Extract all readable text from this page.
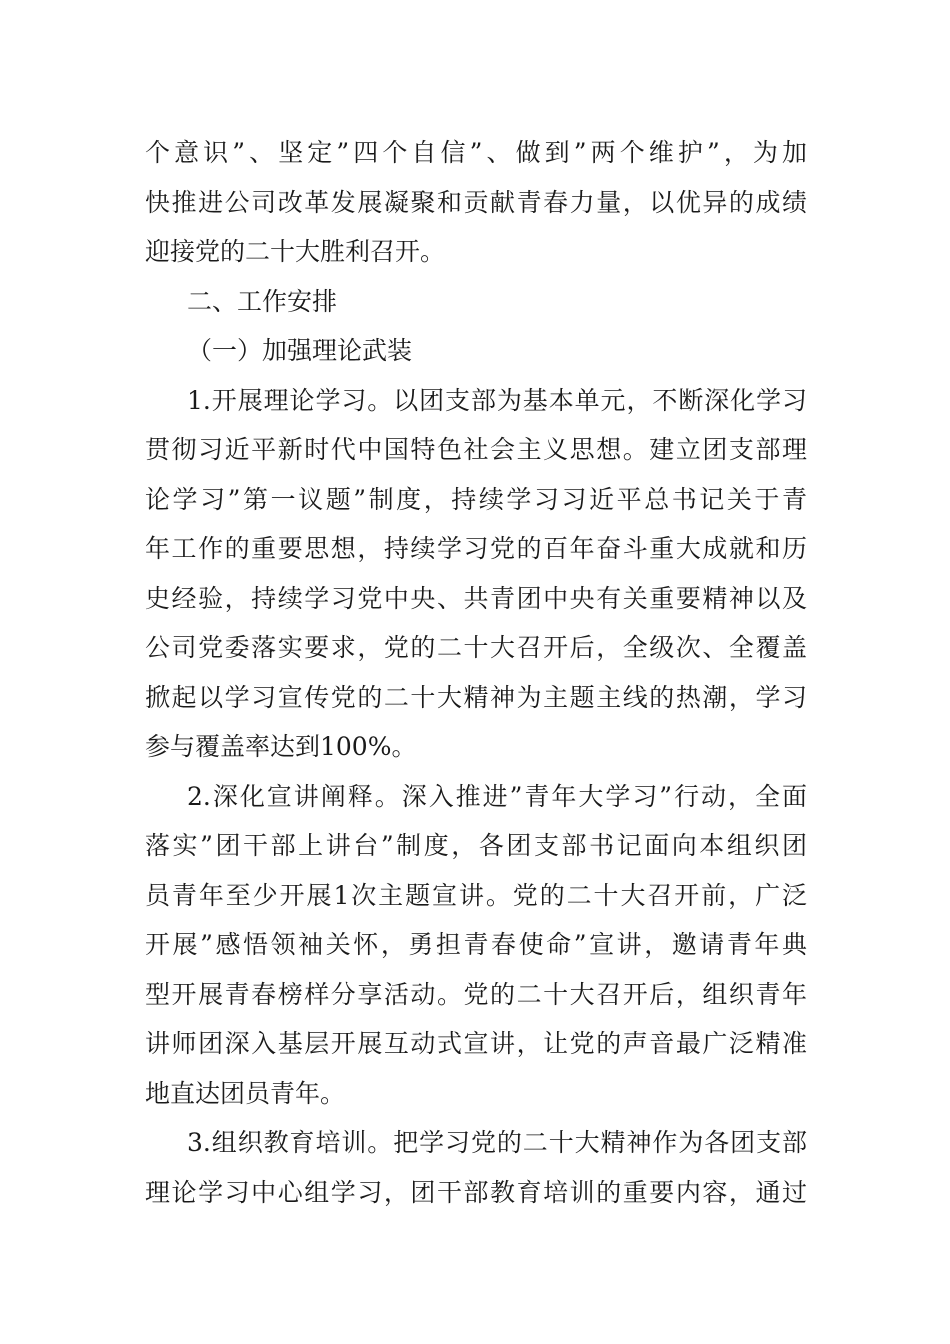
个意识”、坚定”四个自信”、做到”两个维护”，为加
快推进公司改革发展凝聚和贡献青春力量，以优异的成绩
迎接党的二十大胜利召开。
二、工作安排
（一）加强理论武装
1.开展理论学习。以团支部为基本单元，不断深化学习
贯彻习近平新时代中国特色社会主义思想。建立团支部理
论学习”第一议题”制度，持续学习习近平总书记关于青
年工作的重要思想，持续学习党的百年奋斗重大成就和历
史经验，持续学习党中央、共青团中央有关重要精神以及
公司党委落实要求，党的二十大召开后，全级次、全覆盖
掀起以学习宣传党的二十大精神为主题主线的热潮，学习
参与覆盖率达到100%。
2.深化宣讲阐释。深入推进”青年大学习”行动，全面
落实”团干部上讲台”制度，各团支部书记面向本组织团
员青年至少开展1次主题宣讲。党的二十大召开前，广泛
开展”感悟领袖关怀，勇担青春使命”宣讲，邀请青年典
型开展青春榜样分享活动。党的二十大召开后，组织青年
讲师团深入基层开展互动式宣讲，让党的声音最广泛精准
地直达团员青年。
3.组织教育培训。把学习党的二十大精神作为各团支部
理论学习中心组学习，团干部教育培训的重要内容，通过
